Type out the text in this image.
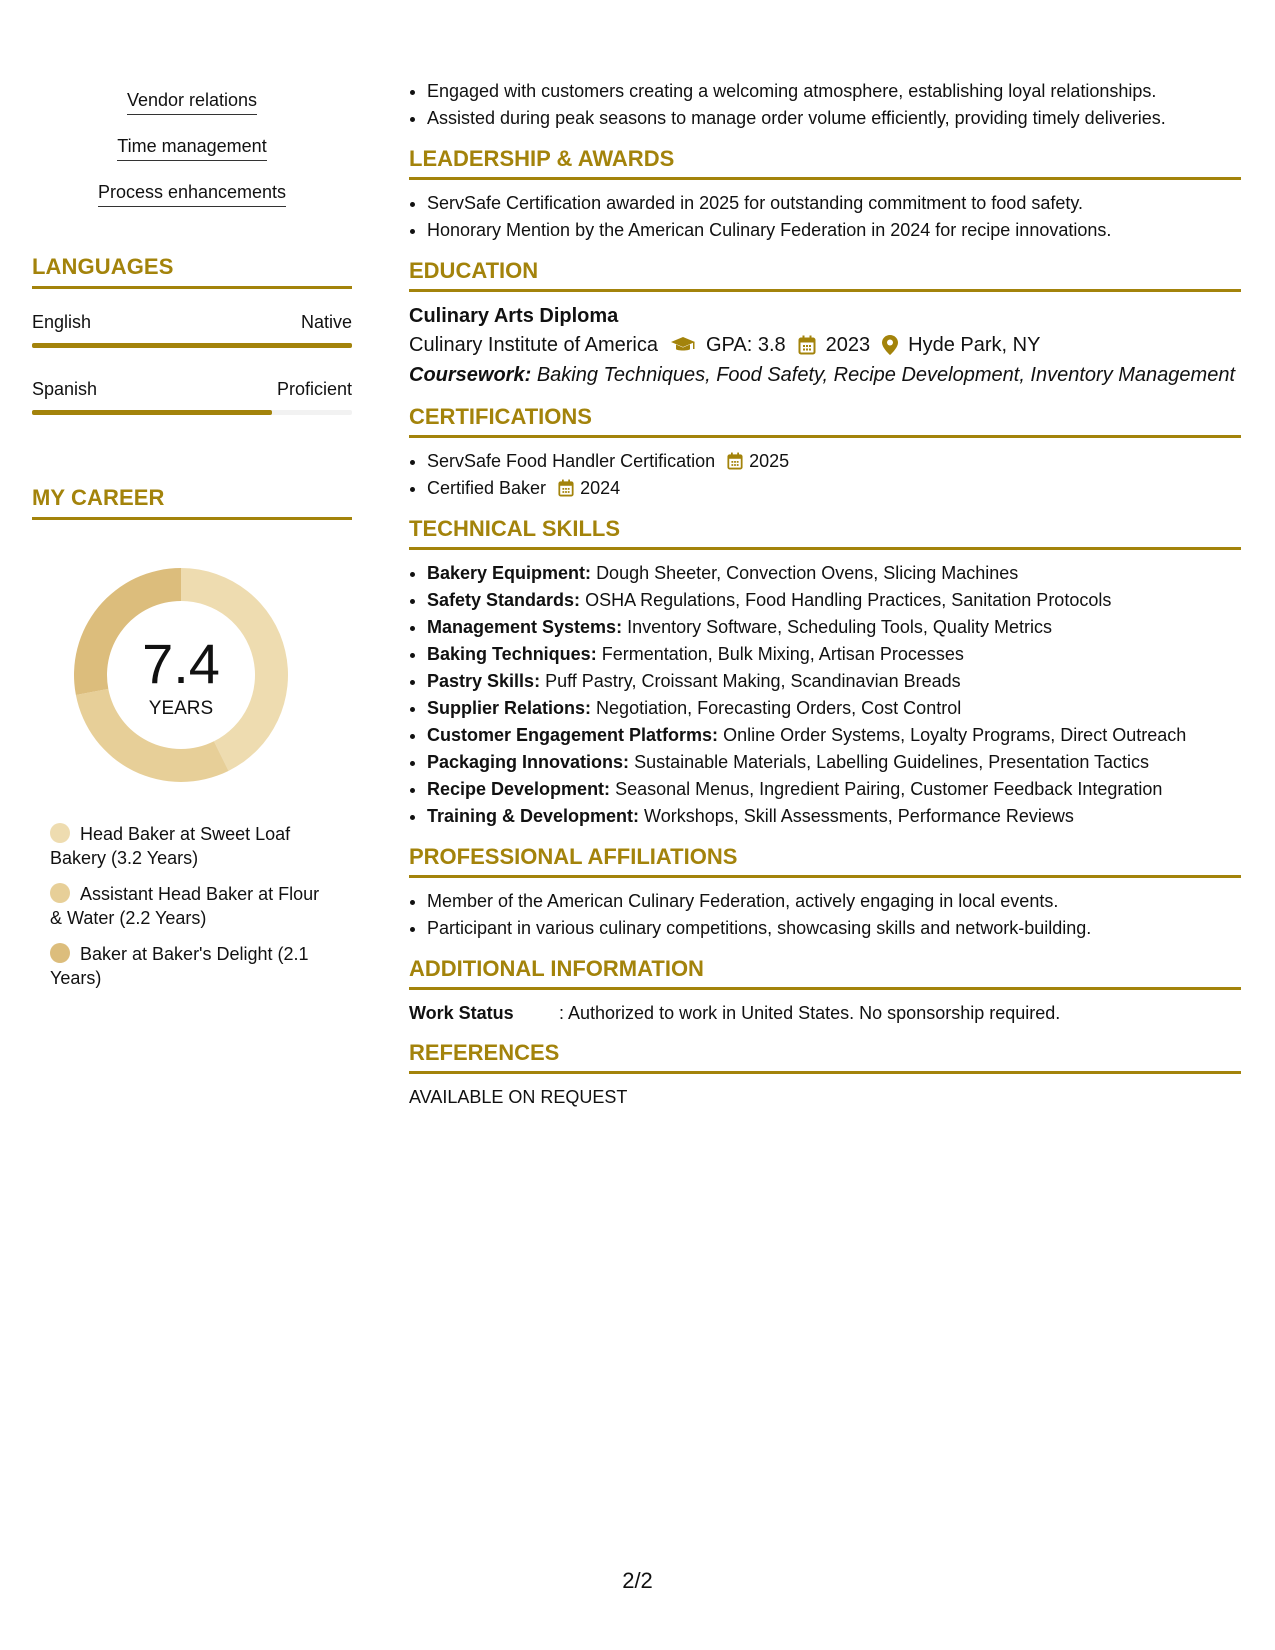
Vendor relations
Time management
Process enhancements
LANGUAGES
English	Native
Spanish	Proficient
MY CAREER
7.4
YEARS
Head Baker at Sweet Loaf Bakery (3.2 Years)
Assistant Head Baker at Flour & Water (2.2 Years)
Baker at Baker's Delight (2.1 Years)
• Engaged with customers creating a welcoming atmosphere, establishing loyal relationships.
• Assisted during peak seasons to manage order volume efficiently, providing timely deliveries.
LEADERSHIP & AWARDS
• ServSafe Certification awarded in 2025 for outstanding commitment to food safety.
• Honorary Mention by the American Culinary Federation in 2024 for recipe innovations.
EDUCATION
Culinary Arts Diploma
Culinary Institute of America GPA: 3.8 2023 Hyde Park, NY
Coursework: Baking Techniques, Food Safety, Recipe Development, Inventory Management
CERTIFICATIONS
• ServSafe Food Handler Certification 2025
• Certified Baker 2024
TECHNICAL SKILLS
• Bakery Equipment: Dough Sheeter, Convection Ovens, Slicing Machines
• Safety Standards: OSHA Regulations, Food Handling Practices, Sanitation Protocols
• Management Systems: Inventory Software, Scheduling Tools, Quality Metrics
• Baking Techniques: Fermentation, Bulk Mixing, Artisan Processes
• Pastry Skills: Puff Pastry, Croissant Making, Scandinavian Breads
• Supplier Relations: Negotiation, Forecasting Orders, Cost Control
• Customer Engagement Platforms: Online Order Systems, Loyalty Programs, Direct Outreach
• Packaging Innovations: Sustainable Materials, Labelling Guidelines, Presentation Tactics
• Recipe Development: Seasonal Menus, Ingredient Pairing, Customer Feedback Integration
• Training & Development: Workshops, Skill Assessments, Performance Reviews
PROFESSIONAL AFFILIATIONS
• Member of the American Culinary Federation, actively engaging in local events.
• Participant in various culinary competitions, showcasing skills and network-building.
ADDITIONAL INFORMATION
Work Status	: Authorized to work in United States. No sponsorship required.
REFERENCES
AVAILABLE ON REQUEST
2/2
